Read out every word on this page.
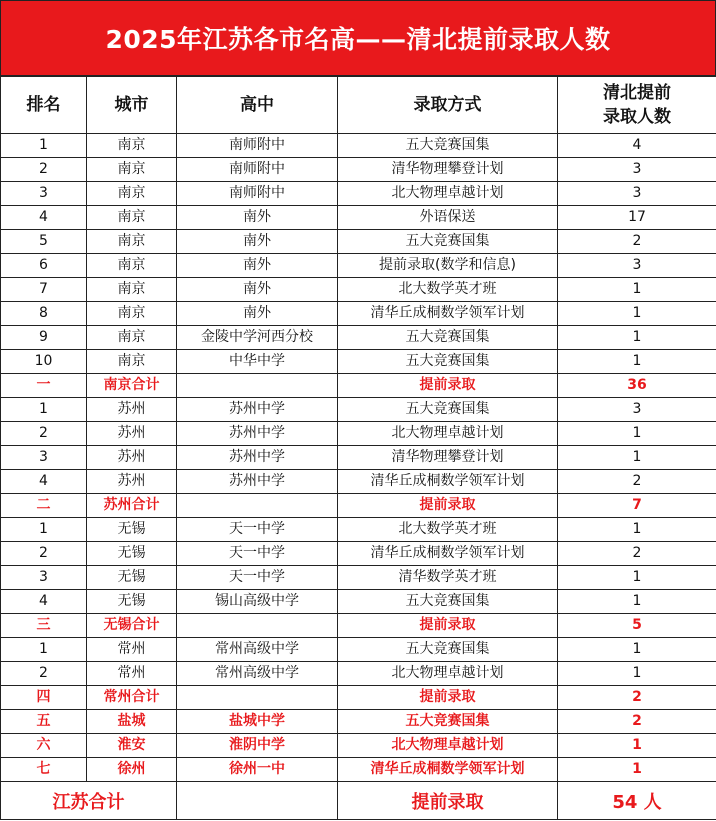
2025年江苏各市名高——清北提前录取人数
排名	城市	高中	录取方式	清北提前
录取人数

1	南京	南师附中	五大竞赛国集	4
2	南京	南师附中	清华物理攀登计划	3
3	南京	南师附中	北大物理卓越计划	3
4	南京	南外	外语保送	17
5	南京	南外	五大竞赛国集	2
6	南京	南外	提前录取(数学和信息)	3
7	南京	南外	北大数学英才班	1
8	南京	南外	清华丘成桐数学领军计划	1
9	南京	金陵中学河西分校	五大竞赛国集	1
10	南京	中华中学	五大竞赛国集	1
一	南京合计		提前录取	36
1	苏州	苏州中学	五大竞赛国集	3
2	苏州	苏州中学	北大物理卓越计划	1
3	苏州	苏州中学	清华物理攀登计划	1
4	苏州	苏州中学	清华丘成桐数学领军计划	2
二	苏州合计		提前录取	7
1	无锡	天一中学	北大数学英才班	1
2	无锡	天一中学	清华丘成桐数学领军计划	2
3	无锡	天一中学	清华数学英才班	1
4	无锡	锡山高级中学	五大竞赛国集	1
三	无锡合计		提前录取	5
1	常州	常州高级中学	五大竞赛国集	1
2	常州	常州高级中学	北大物理卓越计划	1
四	常州合计		提前录取	2
五	盐城	盐城中学	五大竞赛国集	2
六	淮安	淮阴中学	北大物理卓越计划	1
七	徐州	徐州一中	清华丘成桐数学领军计划	1
江苏合计			提前录取	54 人
